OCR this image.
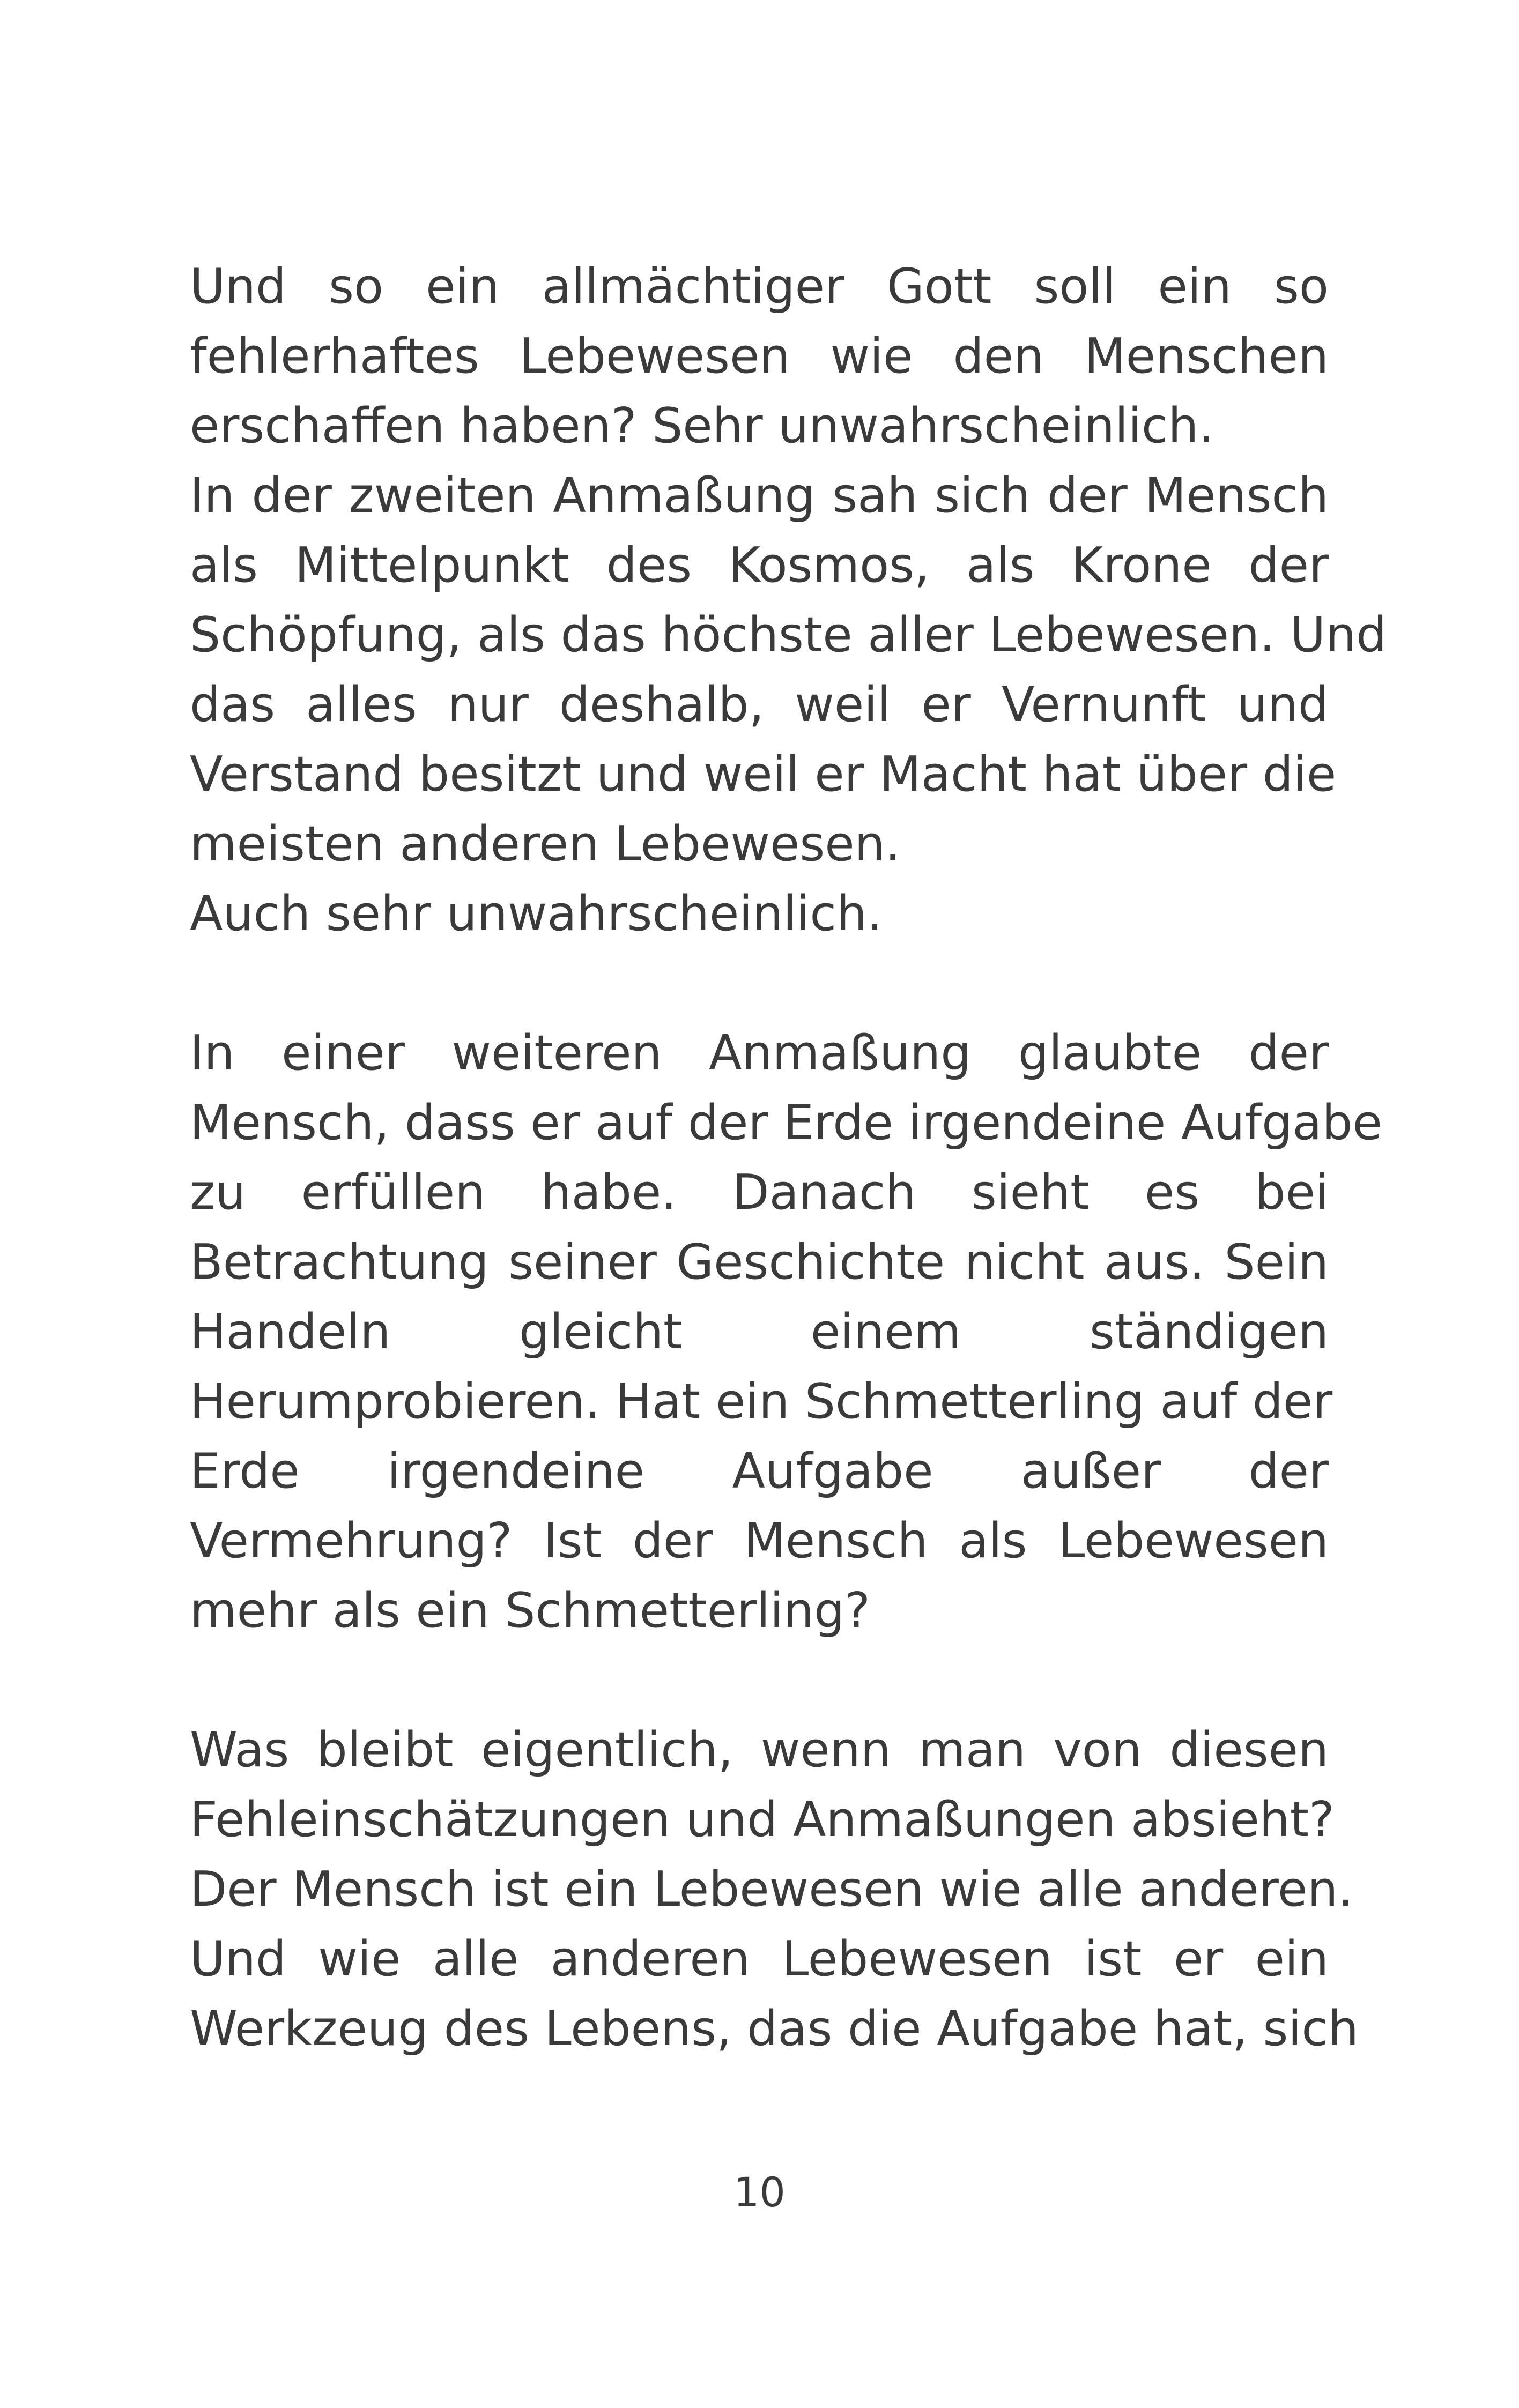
Und so ein allmächtiger Gott soll ein so
fehlerhaftes Lebewesen wie den Menschen
erschaffen haben? Sehr unwahrscheinlich.
In der zweiten Anmaßung sah sich der Mensch
als Mittelpunkt des Kosmos, als Krone der
Schöpfung, als das höchste aller Lebewesen. Und
das alles nur deshalb, weil er Vernunft und
Verstand besitzt und weil er Macht hat über die
meisten anderen Lebewesen.
Auch sehr unwahrscheinlich.
In einer weiteren Anmaßung glaubte der
Mensch, dass er auf der Erde irgendeine Aufgabe
zu erfüllen habe. Danach sieht es bei
Betrachtung seiner Geschichte nicht aus. Sein
Handeln gleicht einem ständigen
Herumprobieren. Hat ein Schmetterling auf der
Erde irgendeine Aufgabe außer der
Vermehrung? Ist der Mensch als Lebewesen
mehr als ein Schmetterling?
Was bleibt eigentlich, wenn man von diesen
Fehleinschätzungen und Anmaßungen absieht?
Der Mensch ist ein Lebewesen wie alle anderen.
Und wie alle anderen Lebewesen ist er ein
Werkzeug des Lebens, das die Aufgabe hat, sich
10
